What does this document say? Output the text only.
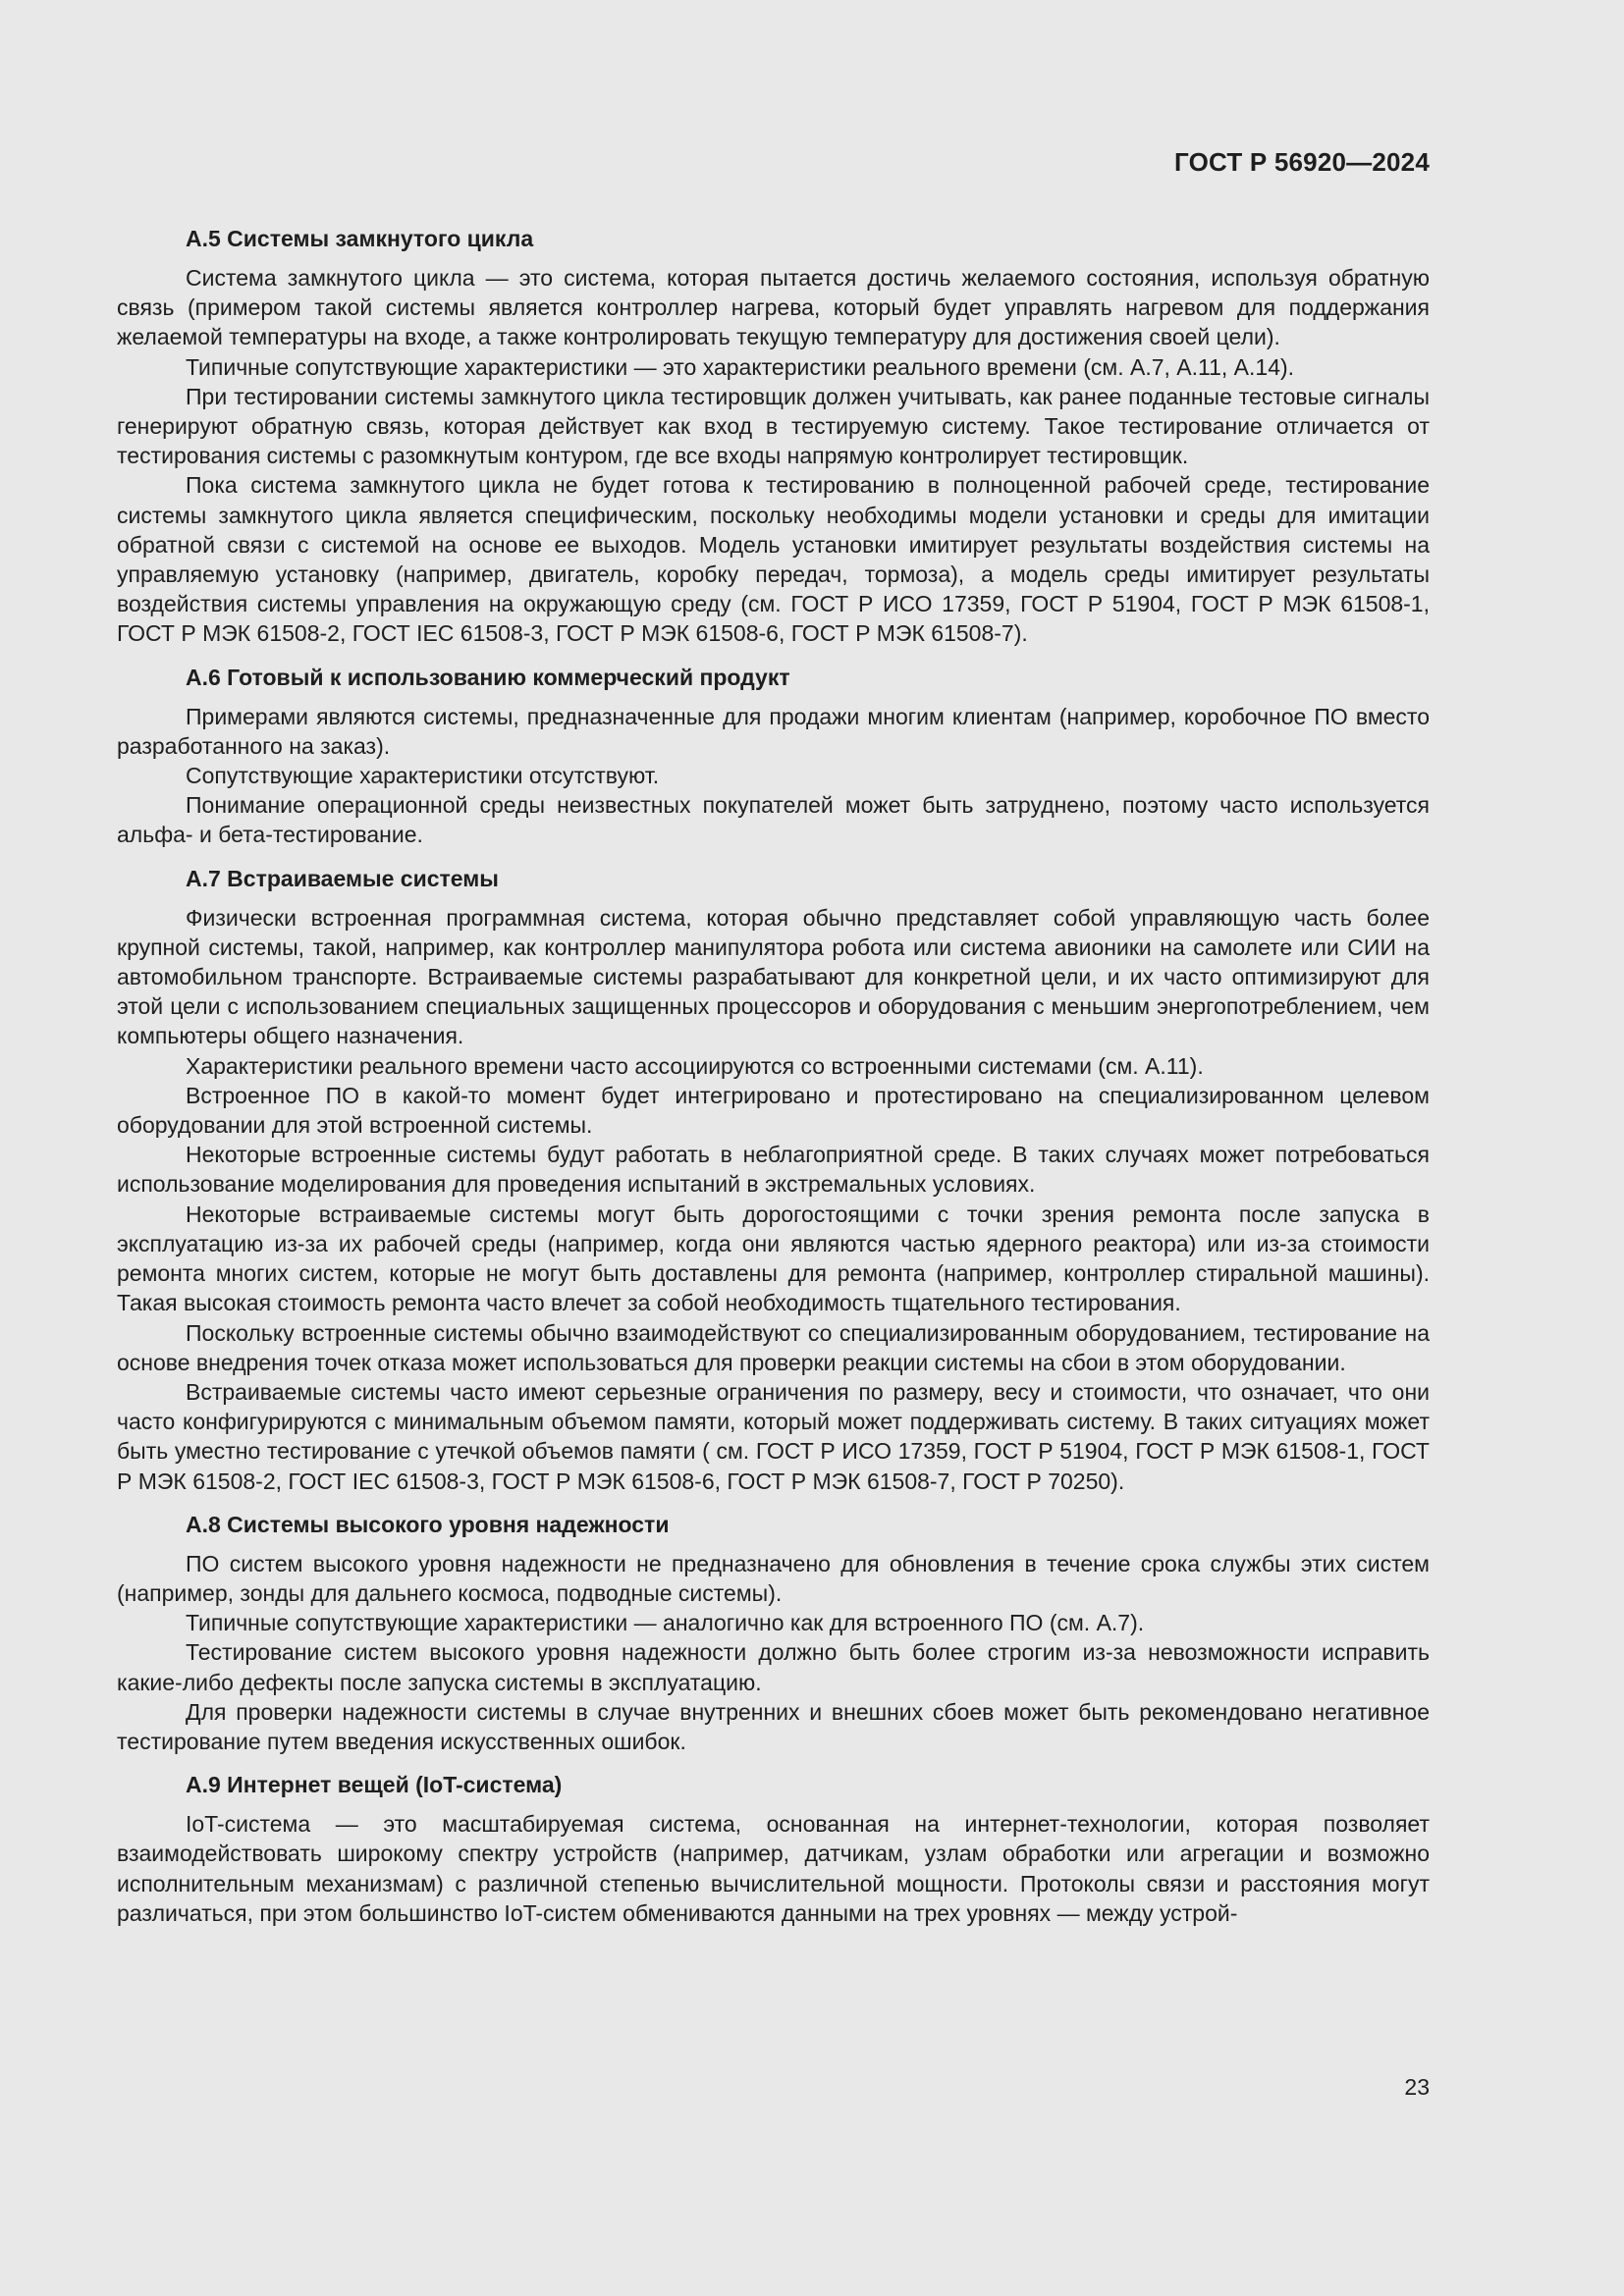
ГОСТ Р 56920—2024
А.5 Системы замкнутого цикла

Система замкнутого цикла — это система, которая пытается достичь желаемого состояния, используя обратную связь (примером такой системы является контроллер нагрева, который будет управлять нагревом для поддержания желаемой температуры на входе, а также контролировать текущую температуру для достижения своей цели).

Типичные сопутствующие характеристики — это характеристики реального времени (см. А.7, А.11, А.14).

При тестировании системы замкнутого цикла тестировщик должен учитывать, как ранее поданные тестовые сигналы генерируют обратную связь, которая действует как вход в тестируемую систему. Такое тестирование отличается от тестирования системы с разомкнутым контуром, где все входы напрямую контролирует тестировщик.

Пока система замкнутого цикла не будет готова к тестированию в полноценной рабочей среде, тестирование системы замкнутого цикла является специфическим, поскольку необходимы модели установки и среды для имитации обратной связи с системой на основе ее выходов. Модель установки имитирует результаты воздействия системы на управляемую установку (например, двигатель, коробку передач, тормоза), а модель среды имитирует результаты воздействия системы управления на окружающую среду (см. ГОСТ Р ИСО 17359, ГОСТ Р 51904, ГОСТ Р МЭК 61508-1, ГОСТ Р МЭК 61508-2, ГОСТ IEC 61508-3, ГОСТ Р МЭК 61508-6, ГОСТ Р МЭК 61508-7).

А.6 Готовый к использованию коммерческий продукт

Примерами являются системы, предназначенные для продажи многим клиентам (например, коробочное ПО вместо разработанного на заказ).

Сопутствующие характеристики отсутствуют.

Понимание операционной среды неизвестных покупателей может быть затруднено, поэтому часто используется альфа- и бета-тестирование.

А.7 Встраиваемые системы

Физически встроенная программная система, которая обычно представляет собой управляющую часть более крупной системы, такой, например, как контроллер манипулятора робота или система авионики на самолете или СИИ на автомобильном транспорте. Встраиваемые системы разрабатывают для конкретной цели, и их часто оптимизируют для этой цели с использованием специальных защищенных процессоров и оборудования с меньшим энергопотреблением, чем компьютеры общего назначения.

Характеристики реального времени часто ассоциируются со встроенными системами (см. А.11).

Встроенное ПО в какой-то момент будет интегрировано и протестировано на специализированном целевом оборудовании для этой встроенной системы.

Некоторые встроенные системы будут работать в неблагоприятной среде. В таких случаях может потребоваться использование моделирования для проведения испытаний в экстремальных условиях.

Некоторые встраиваемые системы могут быть дорогостоящими с точки зрения ремонта после запуска в эксплуатацию из-за их рабочей среды (например, когда они являются частью ядерного реактора) или из-за стоимости ремонта многих систем, которые не могут быть доставлены для ремонта (например, контроллер стиральной машины). Такая высокая стоимость ремонта часто влечет за собой необходимость тщательного тестирования.

Поскольку встроенные системы обычно взаимодействуют со специализированным оборудованием, тестирование на основе внедрения точек отказа может использоваться для проверки реакции системы на сбои в этом оборудовании.

Встраиваемые системы часто имеют серьезные ограничения по размеру, весу и стоимости, что означает, что они часто конфигурируются с минимальным объемом памяти, который может поддерживать систему. В таких ситуациях может быть уместно тестирование с утечкой объемов памяти ( см. ГОСТ Р ИСО 17359, ГОСТ Р 51904, ГОСТ Р МЭК 61508-1, ГОСТ Р МЭК 61508-2, ГОСТ IEC 61508-3, ГОСТ Р МЭК 61508-6, ГОСТ Р МЭК 61508-7, ГОСТ Р 70250).

А.8 Системы высокого уровня надежности

ПО систем высокого уровня надежности не предназначено для обновления в течение срока службы этих систем (например, зонды для дальнего космоса, подводные системы).

Типичные сопутствующие характеристики — аналогично как для встроенного ПО (см. А.7).

Тестирование систем высокого уровня надежности должно быть более строгим из-за невозможности исправить какие-либо дефекты после запуска системы в эксплуатацию.

Для проверки надежности системы в случае внутренних и внешних сбоев может быть рекомендовано негативное тестирование путем введения искусственных ошибок.

А.9 Интернет вещей (IoT-система)

IoT-система — это масштабируемая система, основанная на интернет-технологии, которая позволяет взаимодействовать широкому спектру устройств (например, датчикам, узлам обработки или агрегации и возможно исполнительным механизмам) с различной степенью вычислительной мощности. Протоколы связи и расстояния могут различаться, при этом большинство IoT-систем обмениваются данными на трех уровнях — между устрой-

23
